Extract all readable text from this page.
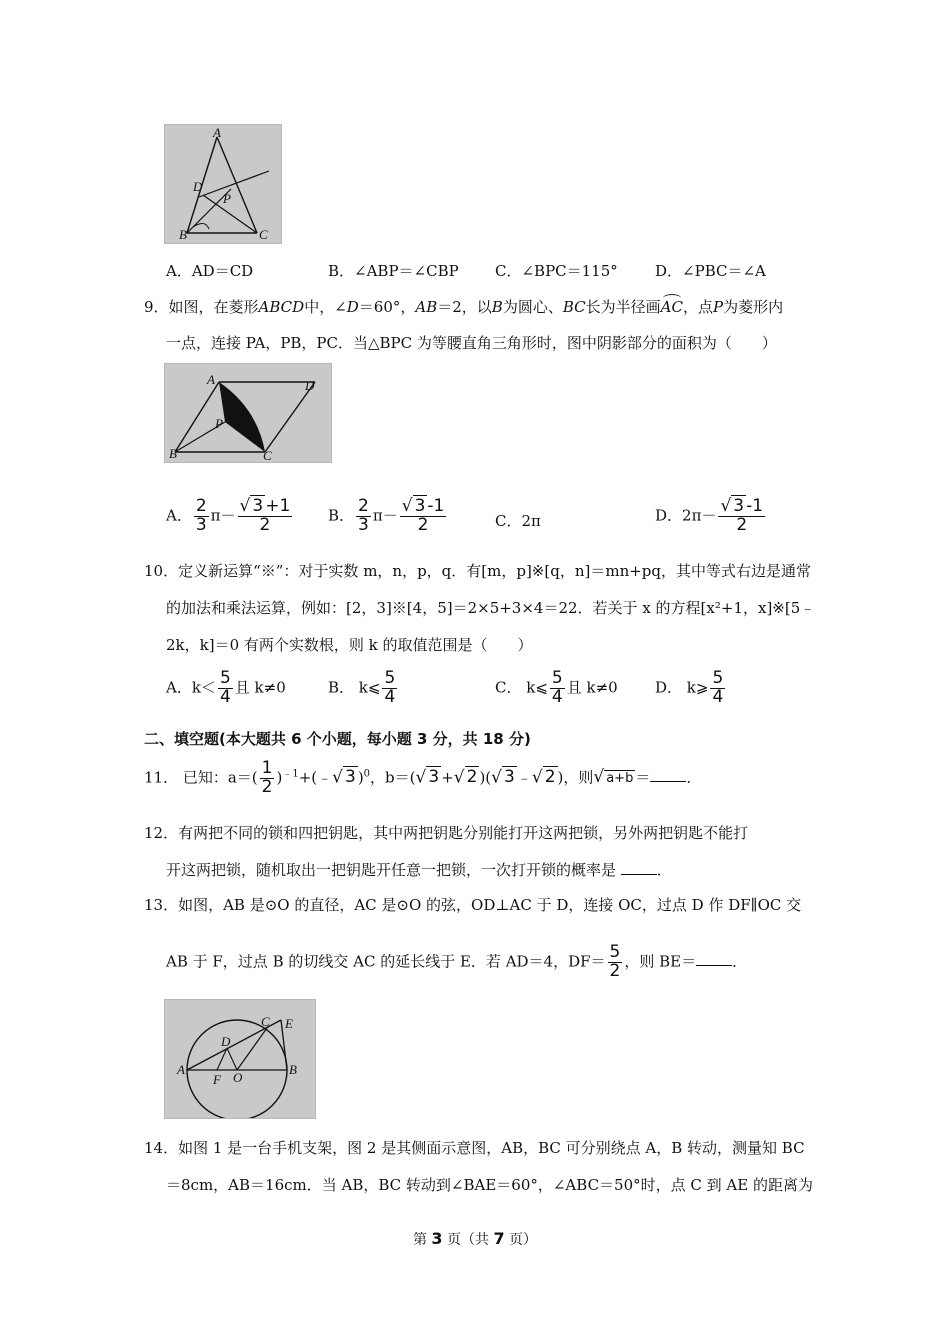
A
D
P
B	C
A．AD＝CD	B．∠ABP＝∠CBP C．∠BPC＝115° D．∠PBC＝∠A
9．如图，在菱形ABCD中，∠D＝60°，AB＝2，以B为圆心、BC长为半径画AC，点P为菱形内
一点，连接 PA，PB，PC．当△BPC 为等腰直角三角形时，图中阴影部分的面积为（　　）
A	D
P
B	C
A． $\frac{2}{3} \pi- \frac{√ 3 +1}{2}$ B． $\frac{2}{3} \pi- \frac{√ 3 -1}{2}$	C．2π	D．$2\pi- \frac{√ 3 -1}{2}$
10．定义新运算“※”：对于实数 m，n，p，q．有[m，p]※[q，n]＝mn+pq，其中等式右边是通常
的加法和乘法运算，例如：[2，3]※[4，5]＝2×5+3×4＝22．若关于 x 的方程[x²+1，x]※[5﹣
2k，k]＝0 有两个实数根，则 k 的取值范围是（　　）
A．$k< \frac{5}{4}$ 且 k≠0	B． k⩽ $\frac{5}{4}$	C． k⩽ $\frac{5}{4}$ 且 k≠0 D． k⩾ $\frac{5}{4}$
二、填空题(本大题共 6 个小题，每小题 3 分，共 18 分)
11． 已知：$a=( \frac{1}{2}$ )$^{﹣1}+(﹣√$ 3 )$^0$，b＝(√ 3 +√ 2 )(√ 3 ﹣√ 2 )，则√ a+b ＝ ．
12．有两把不同的锁和四把钥匙，其中两把钥匙分别能打开这两把锁，另外两把钥匙不能打
开这两把锁，随机取出一把钥匙开任意一把锁，一次打开锁的概率是 ．
13．如图，AB 是⊙O 的直径，AC 是⊙O 的弦，OD⊥AC 于 D，连接 OC，过点 D 作 DF∥OC 交
AB 于 F，过点 B 的切线交 AC 的延长线于 E．若 AD＝4，$DF= \frac{5}{2}$ ，则 BE＝ ．
A	B
C
D
E
F O
14．如图 1 是一台手机支架，图 2 是其侧面示意图，AB，BC 可分别绕点 A，B 转动，测量知 BC
＝8cm，AB＝16cm．当 AB，BC 转动到∠BAE＝60°，∠ABC＝50°时，点 C 到 AE 的距离为
第 3 页（共 7 页）
